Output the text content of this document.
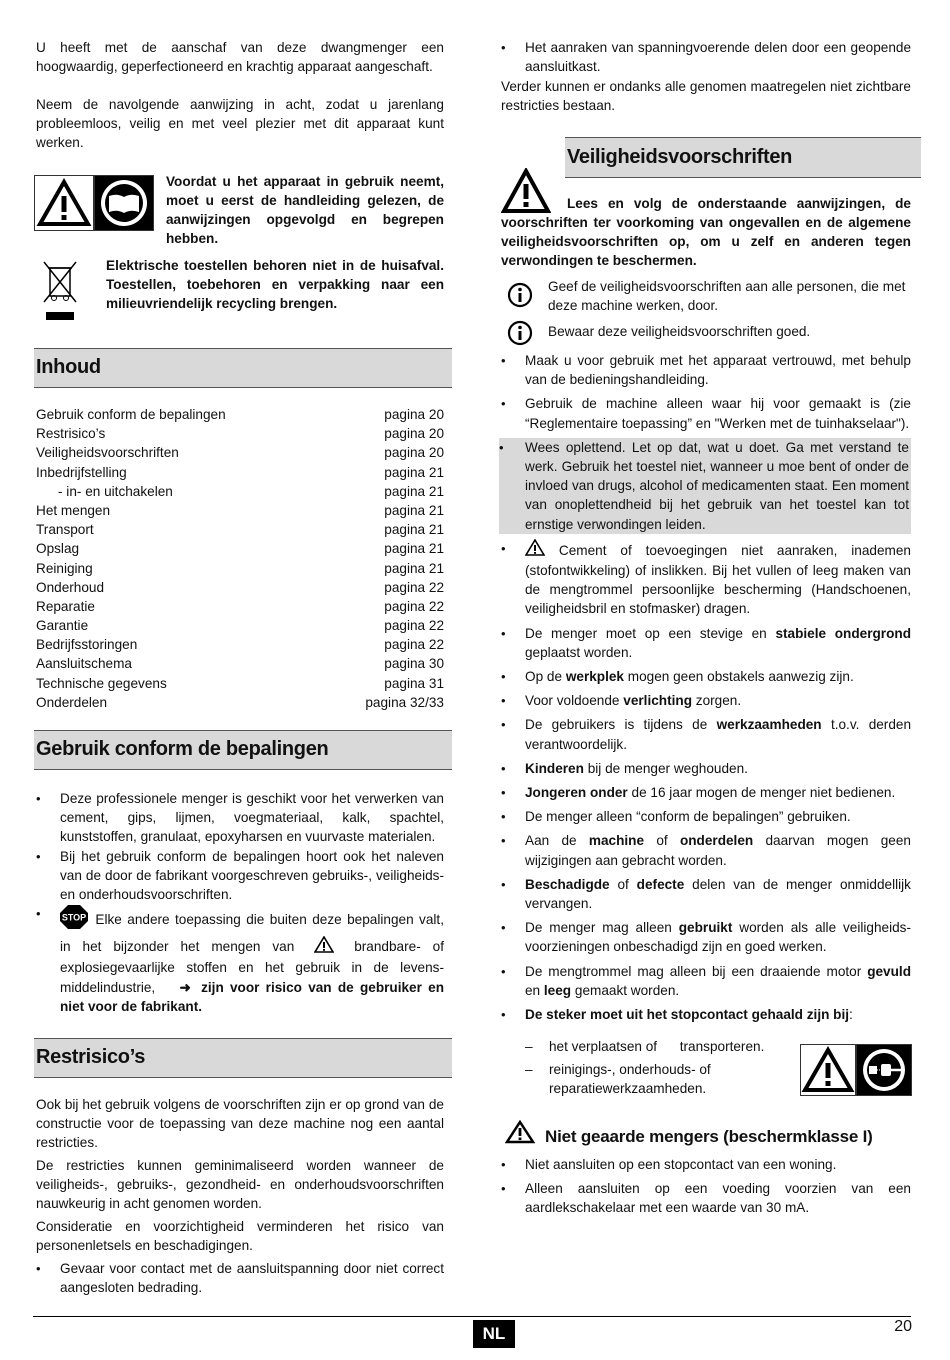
U heeft met de aanschaf van deze dwangmenger een hoogwaardig, geperfectioneerd en krachtig apparaat aangeschaft.

Neem de navolgende aanwijzing in acht, zodat u jarenlang probleemloos, veilig en met veel plezier met dit apparaat kunt werken.

Voordat u het apparaat in gebruik neemt, moet u eerst de handleiding gelezen, de aanwijzingen opgevolgd en begrepen hebben.

Elektrische toestellen behoren niet in de huisafval. Toestellen, toebehoren en verpakking naar een milieuvriendelijk recycling brengen.

Inhoud
Gebruik conform de bepalingen	pagina 20
Restrisico’s	pagina 20
Veiligheidsvoorschriften	pagina 20
Inbedrijfstelling	pagina 21
- in- en uitchakelen	pagina 21
Het mengen	pagina 21
Transport	pagina 21
Opslag	pagina 21
Reiniging	pagina 21
Onderhoud	pagina 22
Reparatie	pagina 22
Garantie	pagina 22
Bedrijfsstoringen	pagina 22
Aansluitschema	pagina 30
Technische gegevens	pagina 31
Onderdelen	pagina 32/33
Gebruik conform de bepalingen
• Deze professionele menger is geschikt voor het verwerken van cement, gips, lijmen, voegmateriaal, kalk, spachtel, kunststoffen, granulaat, epoxyharsen en vuurvaste materialen.
• Bij het gebruik conform de bepalingen hoort ook het naleven van de door de fabrikant voorgeschreven gebruiks-, veiligheids- en onderhoudsvoorschriften.
• STOP Elke andere toepassing die buiten deze bepalingen valt, in het bijzonder het mengen van	brandbare- of explosiegevaarlijke stoffen en het gebruik in de levens-middelindustrie, ➜ zijn voor risico van de gebruiker en niet voor de fabrikant.
Restrisico’s

Ook bij het gebruik volgens de voorschriften zijn er op grond van de constructie voor de toepassing van deze machine nog een aantal restricties.

De restricties kunnen geminimaliseerd worden wanneer de veiligheids-, gebruiks-, gezondheid- en onderhoudsvoorschriften nauwkeurig in acht genomen worden.

Consideratie en voorzichtigheid verminderen het risico van personenletsels en beschadigingen.

• Gevaar voor contact met de aansluitspanning door niet correct aangesloten bedrading.
• Het aanraken van spanningvoerende delen door een geopende aansluitkast.

Verder kunnen er ondanks alle genomen maatregelen niet zichtbare restricties bestaan.

Veiligheidsvoorschriften

Lees en volg de onderstaande aanwijzingen, de voorschriften ter voorkoming van ongevallen en de algemene veiligheidsvoorschriften op, om u zelf en anderen tegen verwondingen te beschermen.

Geef de veiligheidsvoorschriften aan alle personen, die met deze machine werken, door.

Bewaar deze veiligheidsvoorschriften goed.

• Maak u voor gebruik met het apparaat vertrouwd, met behulp van de bedieningshandleiding.
• Gebruik de machine alleen waar hij voor gemaakt is (zie “Reglementaire toepassing” en "Werken met de tuinhakselaar").
• Wees oplettend. Let op dat, wat u doet. Ga met verstand te werk. Gebruik het toestel niet, wanneer u moe bent of onder de invloed van drugs, alcohol of medicamenten staat. Een moment van onoplettendheid bij het gebruik van het toestel kan tot ernstige verwondingen leiden.
• Cement of toevoegingen niet aanraken, inademen (stofontwikkeling) of inslikken. Bij het vullen of leeg maken van de mengtrommel persoonlijke bescherming (Handschoenen, veiligheidsbril en stofmasker) dragen.
• De menger moet op een stevige en stabiele ondergrond geplaatst worden.
• Op de werkplek mogen geen obstakels aanwezig zijn.
• Voor voldoende verlichting zorgen.
• De gebruikers is tijdens de werkzaamheden t.o.v. derden verantwoordelijk.
• Kinderen bij de menger weghouden.
• Jongeren onder de 16 jaar mogen de menger niet bedienen.
• De menger alleen “conform de bepalingen” gebruiken.
• Aan de machine of onderdelen daarvan mogen geen wijzigingen aan gebracht worden.
• Beschadigde of defecte delen van de menger onmiddellijk vervangen.
• De menger mag alleen gebruikt worden als alle veiligheids-voorzieningen onbeschadigd zijn en goed werken.
• De mengtrommel mag alleen bij een draaiende motor gevuld en leeg gemaakt worden.
• De steker moet uit het stopcontact gehaald zijn bij:
– het verplaatsen of      transporteren.
– reinigings-, onderhouds- of reparatiewerkzaamheden.
Niet geaarde mengers (beschermklasse I)
• Niet aansluiten op een stopcontact van een woning.
• Alleen aansluiten op een voeding voorzien van een aardlekschakelaar met een waarde van 30 mA.
NL	20
